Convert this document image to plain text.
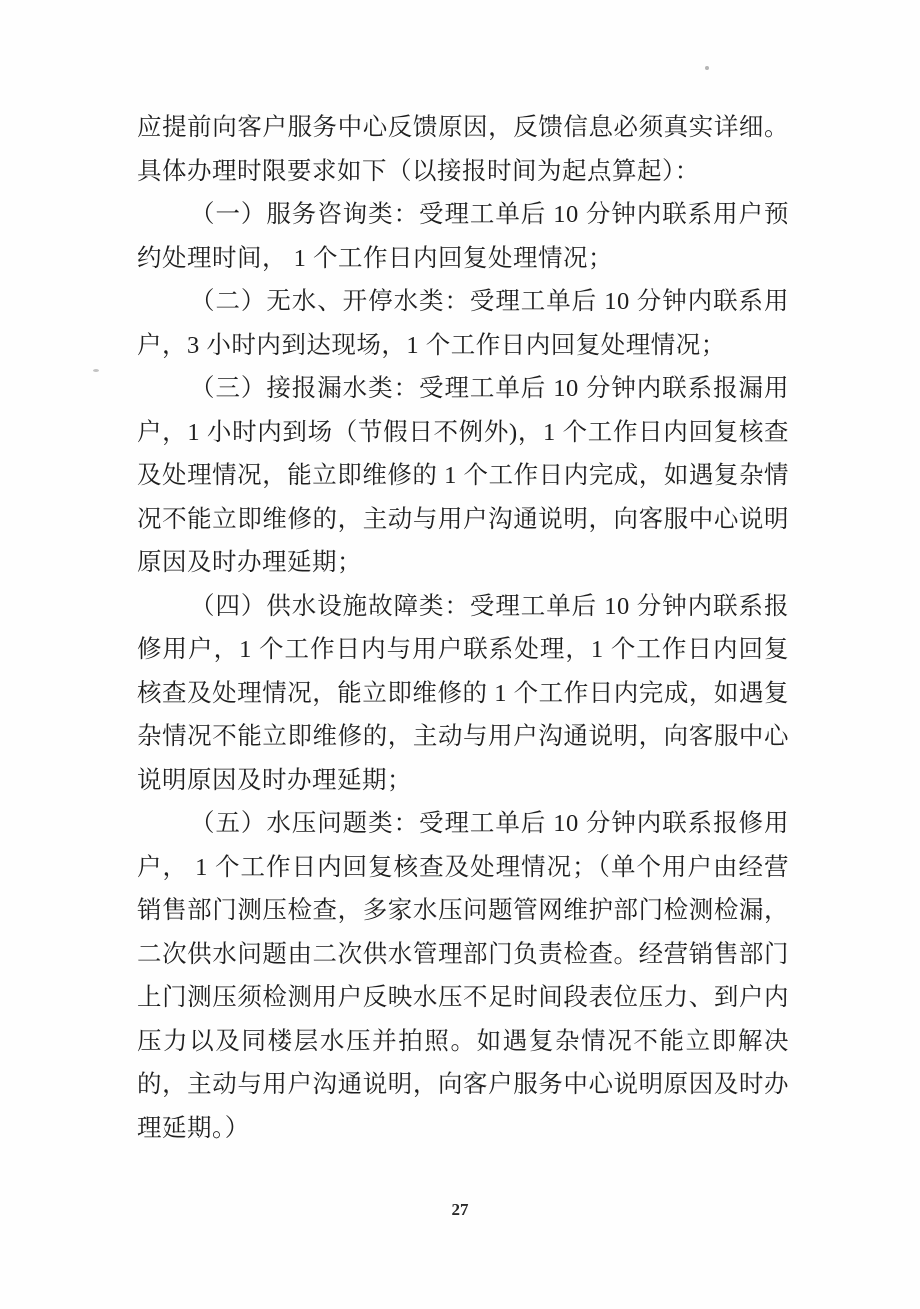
应提前向客户服务中心反馈原因，反馈信息必须真实详细。
具体办理时限要求如下（以接报时间为起点算起）：
（一）服务咨询类：受理工单后 10 分钟内联系用户预
约处理时间， 1 个工作日内回复处理情况；
（二）无水、开停水类：受理工单后 10 分钟内联系用
户，3 小时内到达现场，1 个工作日内回复处理情况；
（三）接报漏水类：受理工单后 10 分钟内联系报漏用
户，1 小时内到场（节假日不例外)，1 个工作日内回复核查
及处理情况，能立即维修的 1 个工作日内完成，如遇复杂情
况不能立即维修的，主动与用户沟通说明，向客服中心说明
原因及时办理延期；
（四）供水设施故障类：受理工单后 10 分钟内联系报
修用户，1 个工作日内与用户联系处理，1 个工作日内回复
核查及处理情况，能立即维修的 1 个工作日内完成，如遇复
杂情况不能立即维修的，主动与用户沟通说明，向客服中心
说明原因及时办理延期；
（五）水压问题类：受理工单后 10 分钟内联系报修用
户， 1 个工作日内回复核查及处理情况；（单个用户由经营
销售部门测压检查，多家水压问题管网维护部门检测检漏，
二次供水问题由二次供水管理部门负责检查。经营销售部门
上门测压须检测用户反映水压不足时间段表位压力、到户内
压力以及同楼层水压并拍照。如遇复杂情况不能立即解决
的，主动与用户沟通说明，向客户服务中心说明原因及时办
理延期。）
27
